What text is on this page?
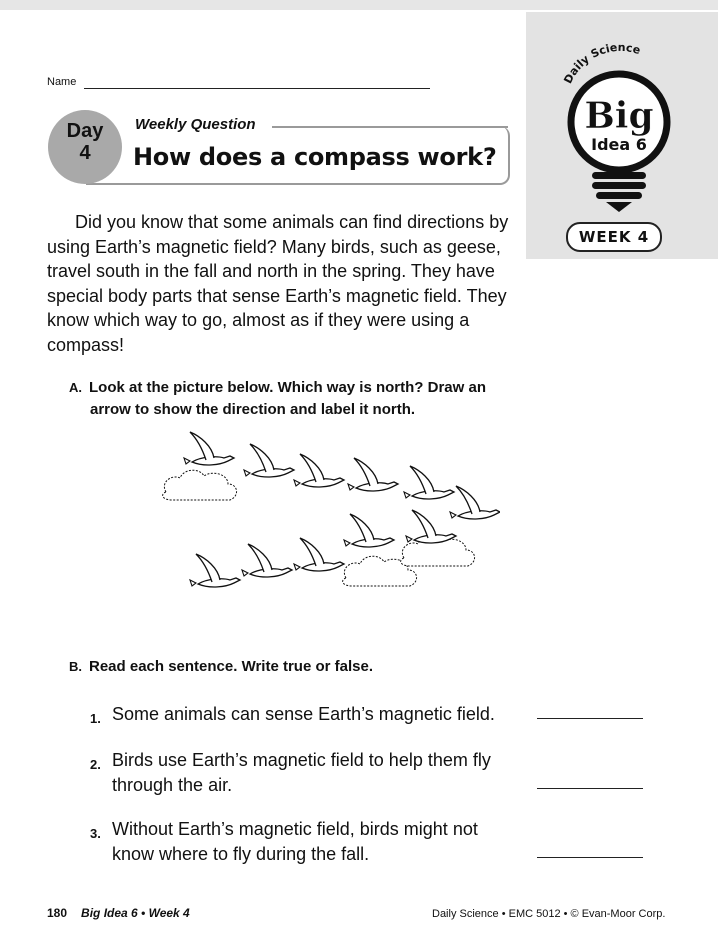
Name
Day
4
Weekly Question
How does a compass work?
Daily Science
Big
Idea 6
WEEK 4

Did you know that some animals can find directions by using Earth’s magnetic field? Many birds, such as geese, travel south in the fall and north in the spring. They have special body parts that sense Earth’s magnetic field. They know which way to go, almost as if they were using a compass!

A. Look at the picture below. Which way is north? Draw an
arrow to show the direction and label it north.
B. Read each sentence. Write true or false.
1. Some animals can sense Earth’s magnetic field.
2. Birds use Earth’s magnetic field to help them fly through the air.
3. Without Earth’s magnetic field, birds might not know where to fly during the fall.
180 Big Idea 6 • Week 4	Daily Science • EMC 5012 • © Evan-Moor Corp.
